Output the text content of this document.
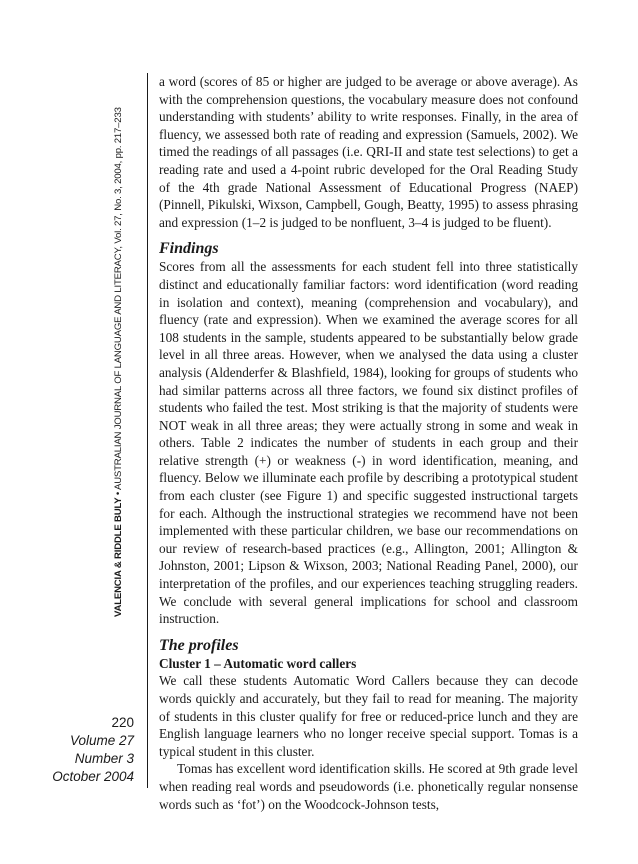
VALENCIA & RIDDLE BULY • AUSTRALIAN JOURNAL OF LANGUAGE AND LITERACY, Vol. 27, No. 3, 2004, pp. 217–233
220
Volume 27
Number 3
October 2004

a word (scores of 85 or higher are judged to be average or above average). As with the comprehension questions, the vocabulary measure does not confound understanding with students’ ability to write responses. Finally, in the area of fluency, we assessed both rate of reading and expression (Samuels, 2002). We timed the readings of all passages (i.e. QRI-II and state test selections) to get a reading rate and used a 4-point rubric developed for the Oral Reading Study of the 4th grade National Assessment of Educational Progress (NAEP) (Pinnell, Pikulski, Wixson, Campbell, Gough, Beatty, 1995) to assess phrasing and expression (1–2 is judged to be nonfluent, 3–4 is judged to be fluent).

Findings

Scores from all the assessments for each student fell into three statistically distinct and educationally familiar factors: word identification (word reading in isolation and context), meaning (comprehension and vocabulary), and fluency (rate and expression). When we examined the average scores for all 108 students in the sample, students appeared to be substantially below grade level in all three areas. However, when we analysed the data using a cluster analysis (Aldenderfer & Blashfield, 1984), looking for groups of students who had similar patterns across all three factors, we found six distinct profiles of students who failed the test. Most striking is that the majority of students were NOT weak in all three areas; they were actually strong in some and weak in others. Table 2 indicates the number of students in each group and their relative strength (+) or weakness (-) in word identification, meaning, and fluency. Below we illuminate each profile by describing a prototypical student from each cluster (see Figure 1) and specific suggested instructional targets for each. Although the instructional strategies we recommend have not been implemented with these particular children, we base our recommendations on our review of research-based practices (e.g., Allington, 2001; Allington & Johnston, 2001; Lipson & Wixson, 2003; National Reading Panel, 2000), our interpretation of the profiles, and our experiences teaching struggling readers. We conclude with several general implications for school and classroom instruction.

The profiles
Cluster 1 – Automatic word callers

We call these students Automatic Word Callers because they can decode words quickly and accurately, but they fail to read for meaning. The majority of students in this cluster qualify for free or reduced-price lunch and they are English language learners who no longer receive special support. Tomas is a typical student in this cluster.

Tomas has excellent word identification skills. He scored at 9th grade level when reading real words and pseudowords (i.e. phonetically regular nonsense words such as ‘fot’) on the Woodcock-Johnson tests,
